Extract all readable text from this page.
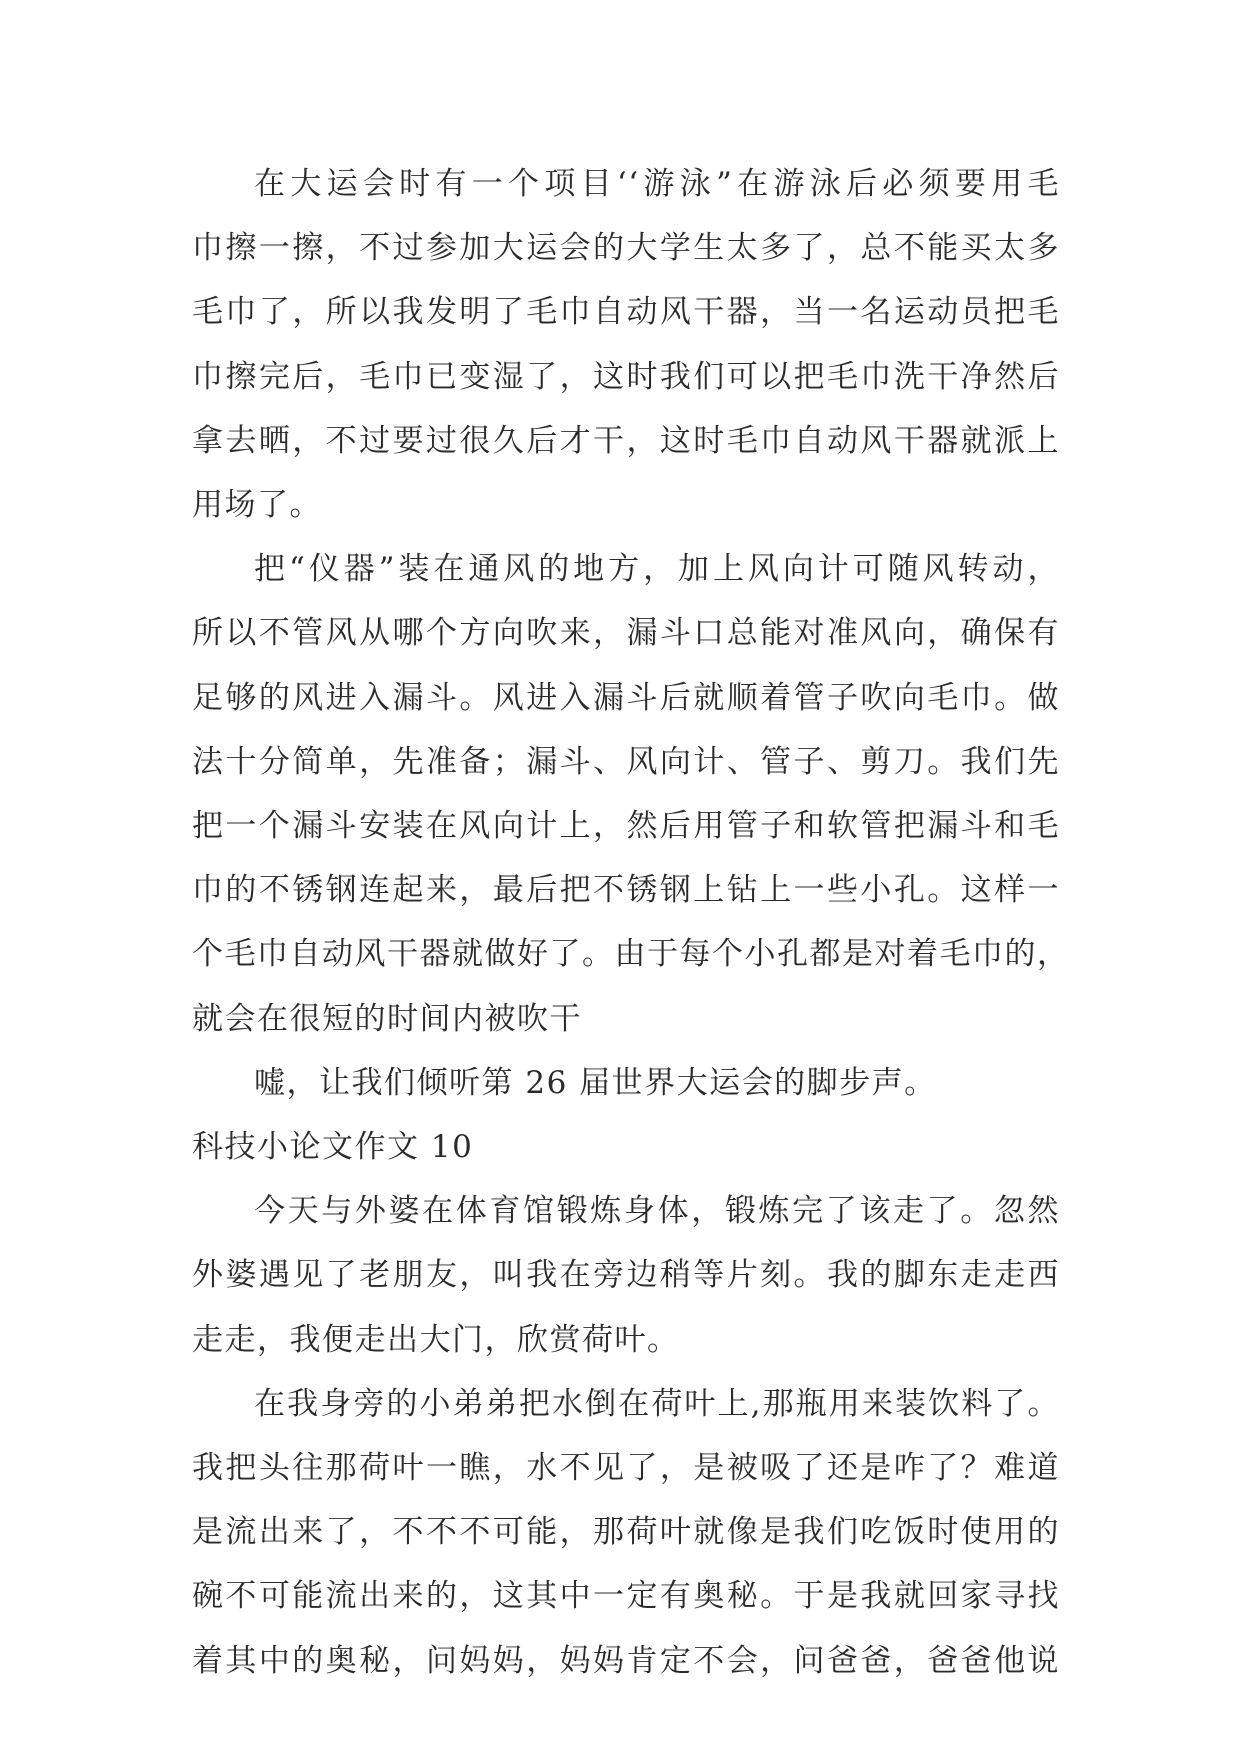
在大运会时有一个项目‘‘游泳”在游泳后必须要用毛
巾擦一擦，不过参加大运会的大学生太多了，总不能买太多
毛巾了，所以我发明了毛巾自动风干器，当一名运动员把毛
巾擦完后，毛巾已变湿了，这时我们可以把毛巾洗干净然后
拿去晒，不过要过很久后才干，这时毛巾自动风干器就派上
用场了。

把“仪器”装在通风的地方，加上风向计可随风转动，
所以不管风从哪个方向吹来，漏斗口总能对准风向，确保有
足够的风进入漏斗。风进入漏斗后就顺着管子吹向毛巾。做
法十分简单，先准备；漏斗、风向计、管子、剪刀。我们先
把一个漏斗安装在风向计上，然后用管子和软管把漏斗和毛
巾的不锈钢连起来，最后把不锈钢上钻上一些小孔。这样一
个毛巾自动风干器就做好了。由于每个小孔都是对着毛巾的，
就会在很短的时间内被吹干

嘘，让我们倾听第 26 届世界大运会的脚步声。

科技小论文作文 10

今天与外婆在体育馆锻炼身体，锻炼完了该走了。忽然
外婆遇见了老朋友，叫我在旁边稍等片刻。我的脚东走走西
走走，我便走出大门，欣赏荷叶。

在我身旁的小弟弟把水倒在荷叶上,那瓶用来装饮料了。
我把头往那荷叶一瞧，水不见了，是被吸了还是咋了？难道
是流出来了，不不不可能，那荷叶就像是我们吃饭时使用的
碗不可能流出来的，这其中一定有奥秘。于是我就回家寻找
着其中的奥秘，问妈妈，妈妈肯定不会，问爸爸，爸爸他说
